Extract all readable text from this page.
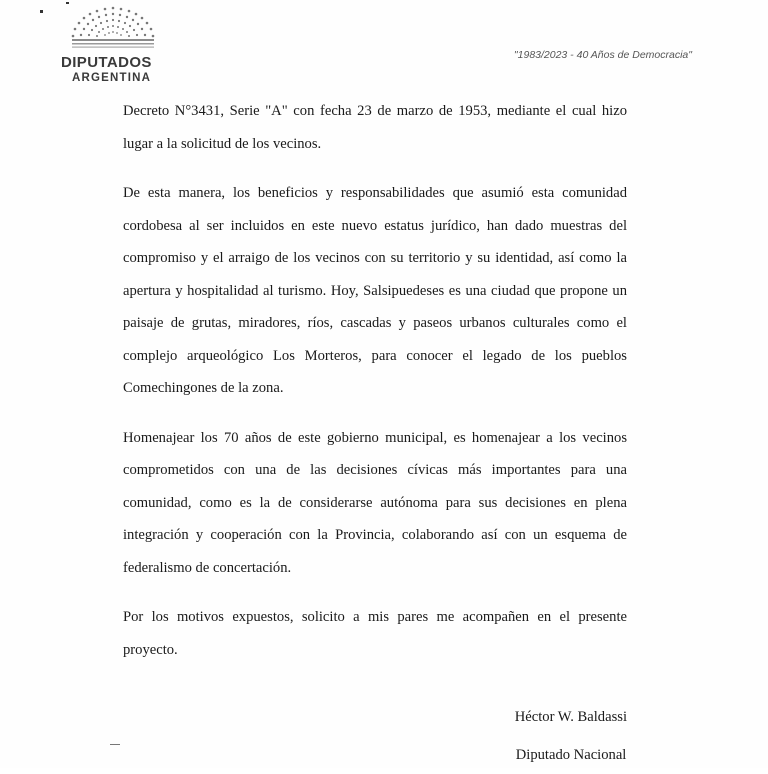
DIPUTADOS
ARGENTINA
"1983/2023 - 40 Años de Democracia"

Decreto N°3431, Serie "A" con fecha 23 de marzo de 1953, mediante el cual hizo lugar a la solicitud de los vecinos.

De esta manera, los beneficios y responsabilidades que asumió esta comunidad cordobesa al ser incluidos en este nuevo estatus jurídico, han dado muestras del compromiso y el arraigo de los vecinos con su territorio y su identidad, así como la apertura y hospitalidad al turismo. Hoy, Salsipuedeses es una ciudad que propone un paisaje de grutas, miradores, ríos, cascadas y paseos urbanos culturales como el complejo arqueológico Los Morteros, para conocer el legado de los pueblos Comechingones de la zona.

Homenajear los 70 años de este gobierno municipal, es homenajear a los vecinos comprometidos con una de las decisiones cívicas más importantes para una comunidad, como es la de considerarse autónoma para sus decisiones en plena integración y cooperación con la Provincia, colaborando así con un esquema de federalismo de concertación.

Por los motivos expuestos, solicito a mis pares me acompañen en el presente proyecto.

Héctor W. Baldassi
Diputado Nacional
